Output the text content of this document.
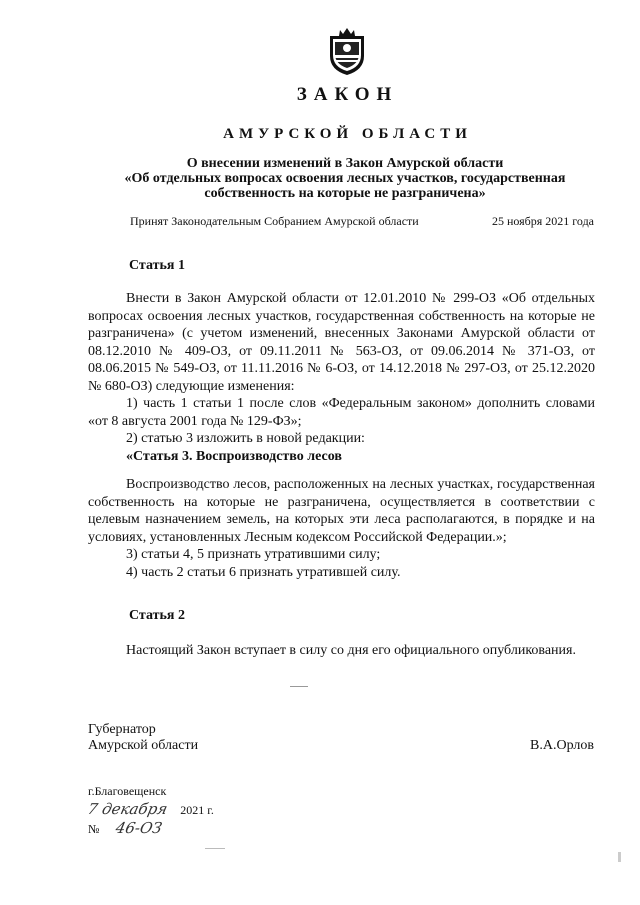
ЗАКОН
АМУРСКОЙ ОБЛАСТИ
О внесении изменений в Закон Амурской области
«Об отдельных вопросах освоения лесных участков, государственная
собственность на которые не разграничена»
Принят Законодательным Собранием Амурской области	25 ноября 2021 года
Статья 1

Внести в Закон Амурской области от 12.01.2010 № 299-ОЗ «Об отдельных вопросах освоения лесных участков, государственная собственность на которые не разграничена» (с учетом изменений, внесенных Законами Амурской области от 08.12.2010 № 409-ОЗ, от 09.11.2011 № 563-ОЗ, от 09.06.2014 № 371-ОЗ, от 08.06.2015 № 549-ОЗ, от 11.11.2016 № 6-ОЗ, от 14.12.2018 № 297-ОЗ, от 25.12.2020 № 680-ОЗ) следующие изменения:

1) часть 1 статьи 1 после слов «Федеральным законом» дополнить словами «от 8 августа 2001 года № 129-ФЗ»;

2) статью 3 изложить в новой редакции:

«Статья 3. Воспроизводство лесов

Воспроизводство лесов, расположенных на лесных участках, государственная собственность на которые не разграничена, осуществляется в соответствии с целевым назначением земель, на которых эти леса располагаются, в порядке и на условиях, установленных Лесным кодексом Российской Федерации.»;

3) статьи 4, 5 признать утратившими силу;

4) часть 2 статьи 6 признать утратившей силу.

Статья 2

Настоящий Закон вступает в силу со дня его официального опубликования.

Губернатор
Амурской области	В.А.Орлов
г.Благовещенск
7 декабря 2021 г.
№ 46-ОЗ
